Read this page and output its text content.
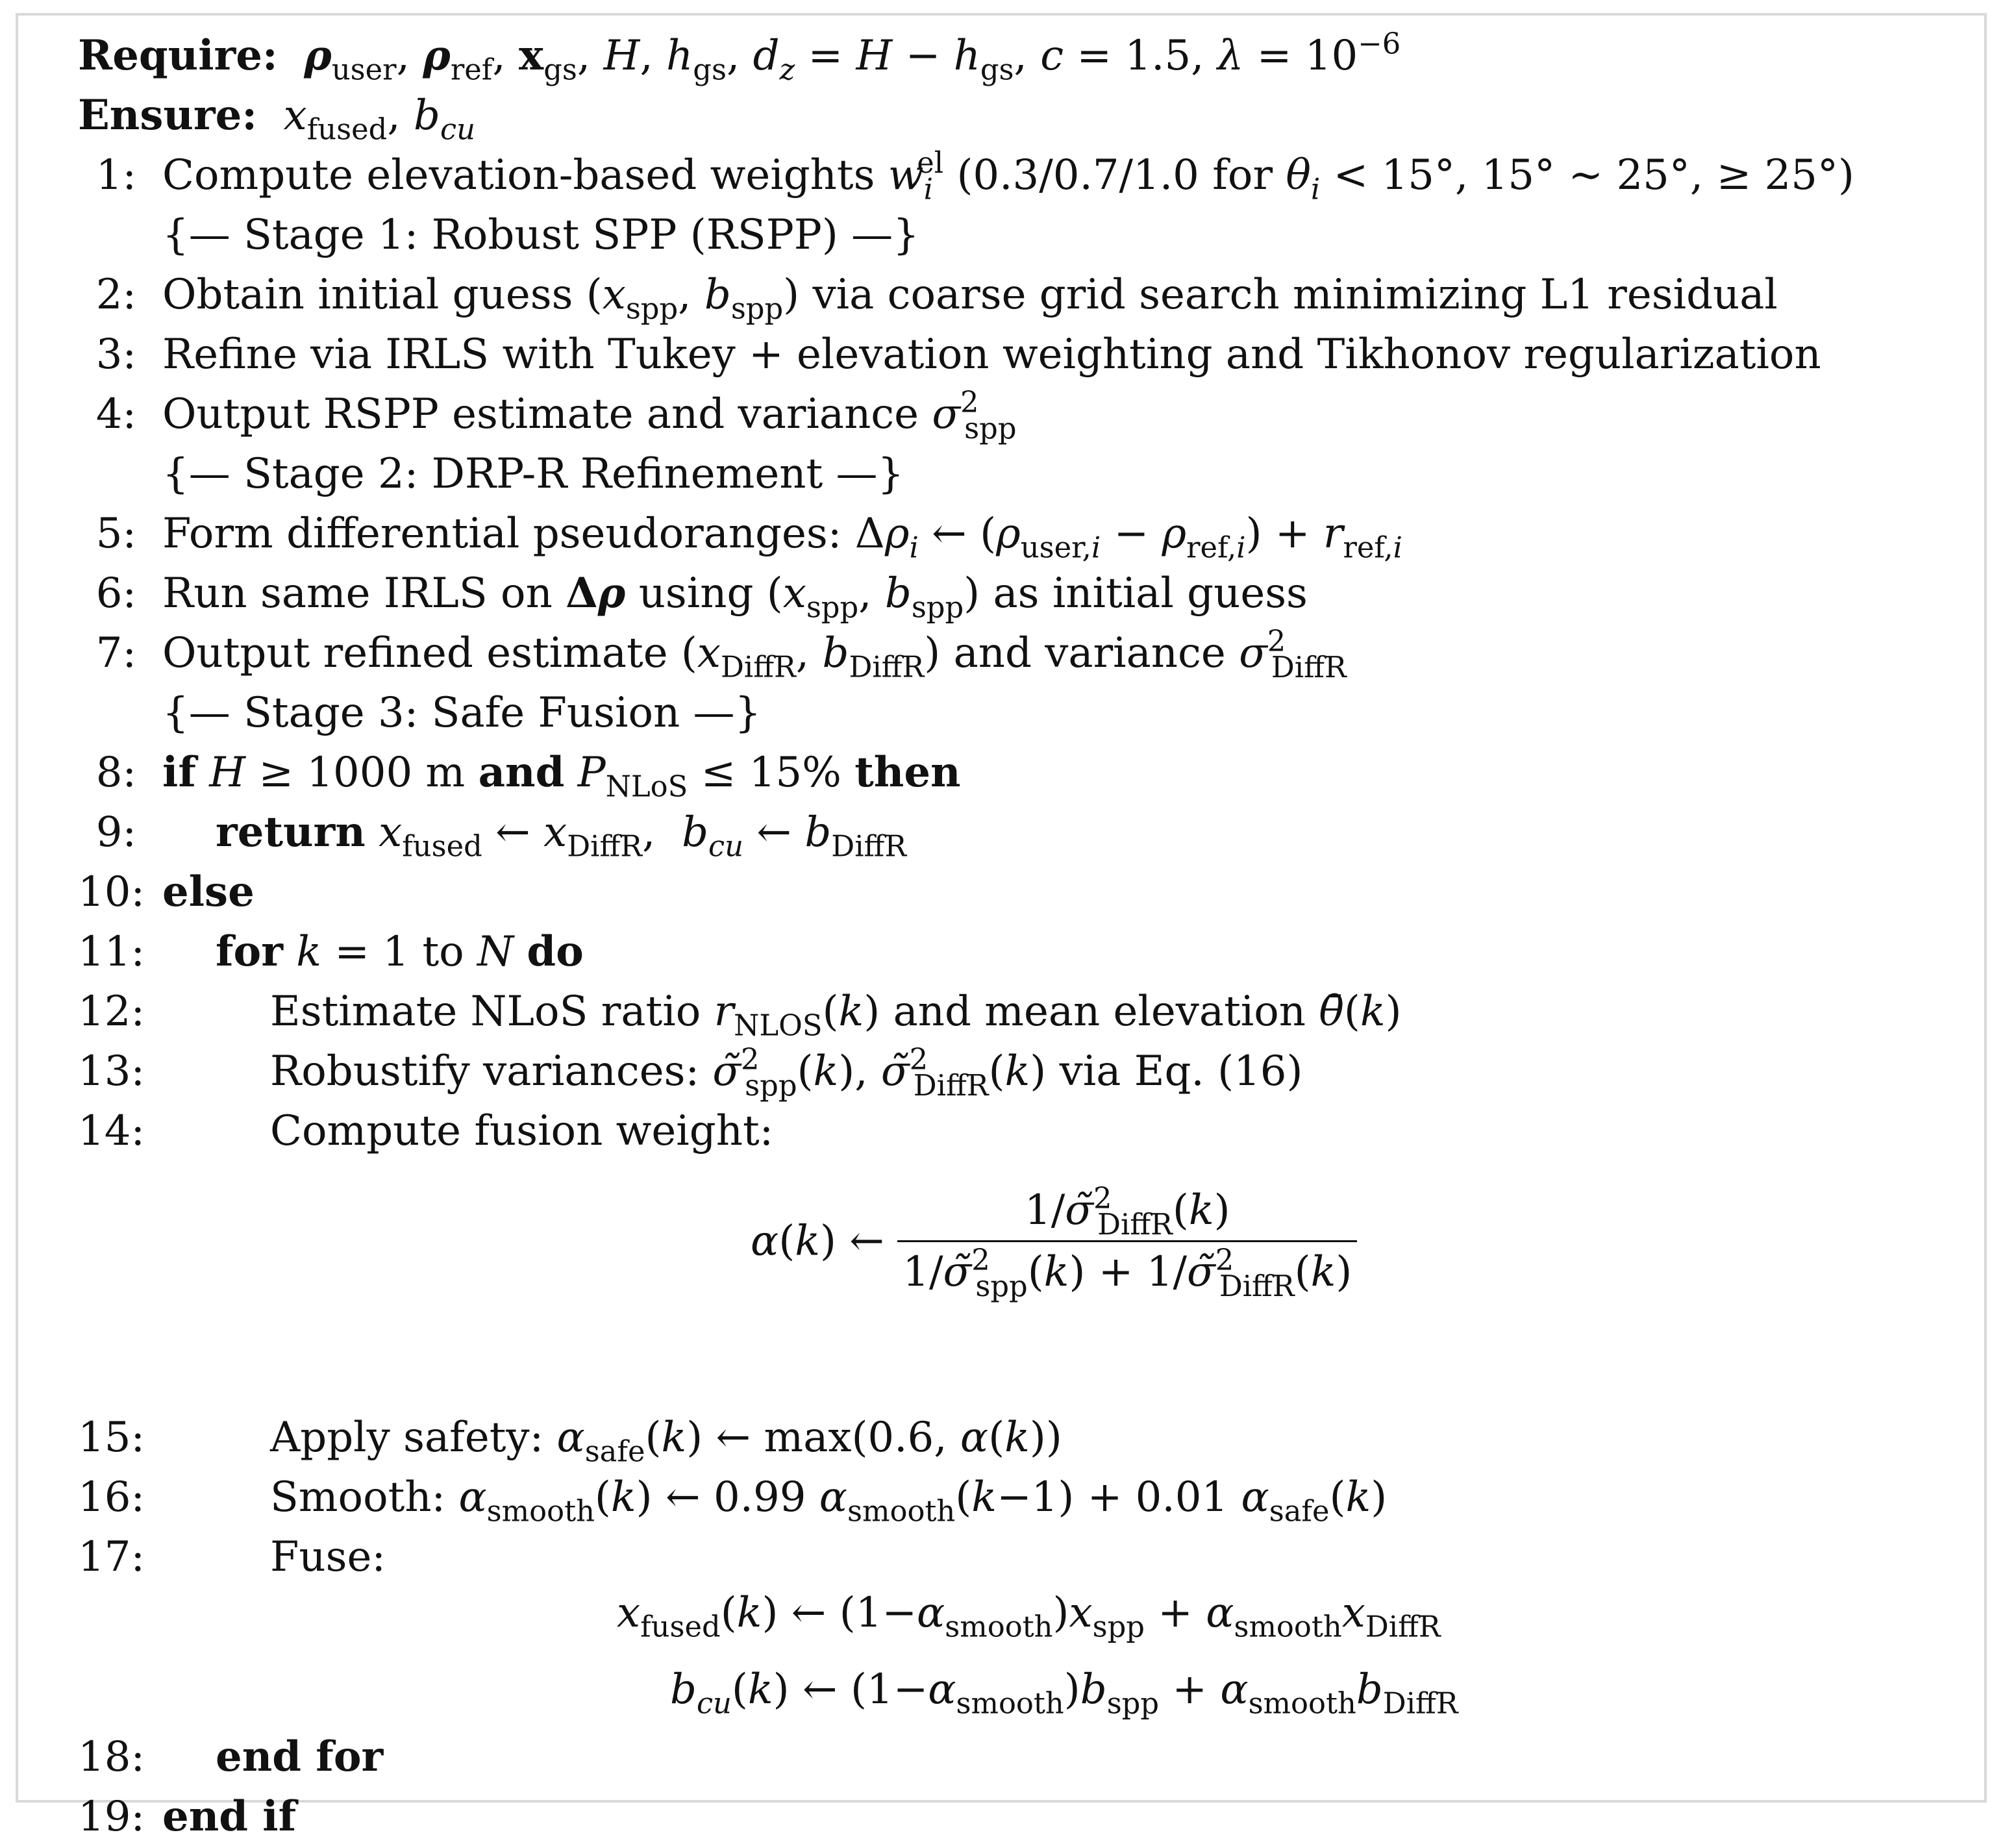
Require: $\rho_{user}$, $\rho_{ref}$, $x_{gs}$, H, $h_{gs}$, $d_z = H - h_{gs}$, c = 1.5, $\lambda = 10^{-6}$
Ensure: $x_{fused}$, $b_{cu}$
1: Compute elevation-based weights $w_i^{el}$ (0.3/0.7/1.0 for $\theta_i < 15^\circ$, 15° ∼ 25°, ≥ 25°)
{— Stage 1: Robust SPP (RSPP) —}
2: Obtain initial guess ($x_{spp}$, $b_{spp}$) via coarse grid search minimizing L1 residual
3: Refine via IRLS with Tukey + elevation weighting and Tikhonov regularization
4: Output RSPP estimate and variance $\sigma^2_{spp}$
{— Stage 2: DRP-R Refinement —}
5: Form differential pseudoranges: $\Delta\rho_i$ ← $(\rho_{user,i} - \rho_{ref,i}) + r_{ref,i}$
6: Run same IRLS on Δρ using ($x_{spp}$, $b_{spp}$) as initial guess
7: Output refined estimate ($x_{DiffR}$, $b_{DiffR}$) and variance $\sigma^2_{DiffR}$
{— Stage 3: Safe Fusion —}
8: if H ≥ 1000 m and $P_{NLoS} \le 15\%$ then
9: return $x_{fused}$ ← $x_{DiffR}$,  $b_{cu}$ ← $b_{DiffR}$
10: else
11: for k = 1 to N do
12:	Estimate NLoS ratio $r_{NLOS}(k)$ and mean elevation θ̄(k)
13:	Robustify variances: σ̃$^2_{spp}$(k), σ̃$^2_{DiffR}$(k) via Eq. (16)
14:	Compute fusion weight:
α(k) ← $\frac{1/\sigmã^2_{DiffR}(k)}{1/\sigmã^2_{spp}(k) + 1/\sigmã^2_{DiffR}(k)}$
15:	Apply safety: $\alpha_{safe}(k)$ ← max(0.6, α(k))
16:	Smooth: $\alpha_{smooth}(k)$ ← 0.99 $\alpha_{smooth}(k-1) + 0.01$ $\alpha_{safe}(k)$
17:	Fuse:
$x_{fused}(k)$ ← $(1-\alpha_{smooth})x_{spp} + \alpha_{smooth}x_{DiffR}$
$b_{cu}(k)$ ← $(1-\alpha_{smooth})b_{spp} + \alpha_{smooth}b_{DiffR}$
18: end for
19: end if
